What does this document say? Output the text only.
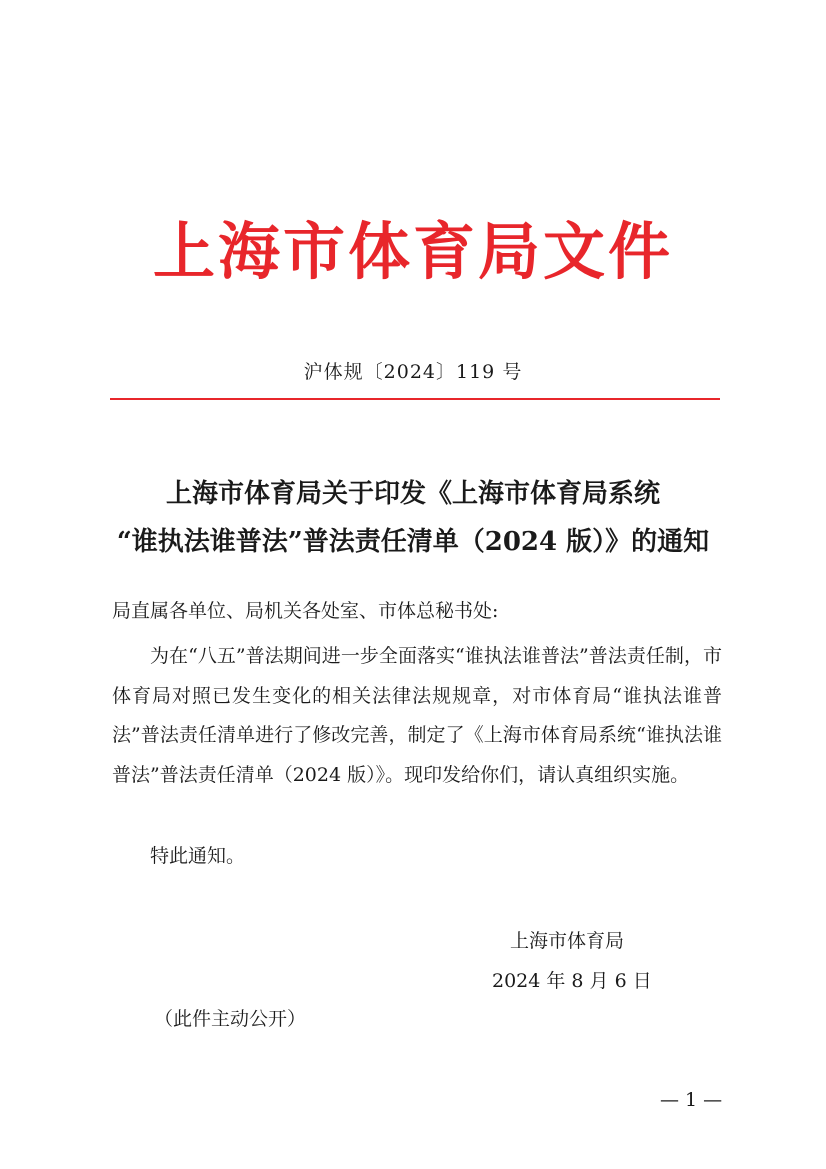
上海市体育局文件
沪体规〔2024〕119 号
上海市体育局关于印发《上海市体育局系统
“谁执法谁普法”普法责任清单（2024 版）》的通知
局直属各单位、局机关各处室、市体总秘书处:
为在“八五”普法期间进一步全面落实“谁执法谁普法”普法责任制，市体育局对照已发生变化的相关法律法规规章，对市体育局“谁执法谁普法”普法责任清单进行了修改完善，制定了《上海市体育局系统“谁执法谁普法”普法责任清单（2024 版）》。现印发给你们，请认真组织实施。
特此通知。
上海市体育局
2024 年 8 月 6 日
（此件主动公开）
— 1 —
